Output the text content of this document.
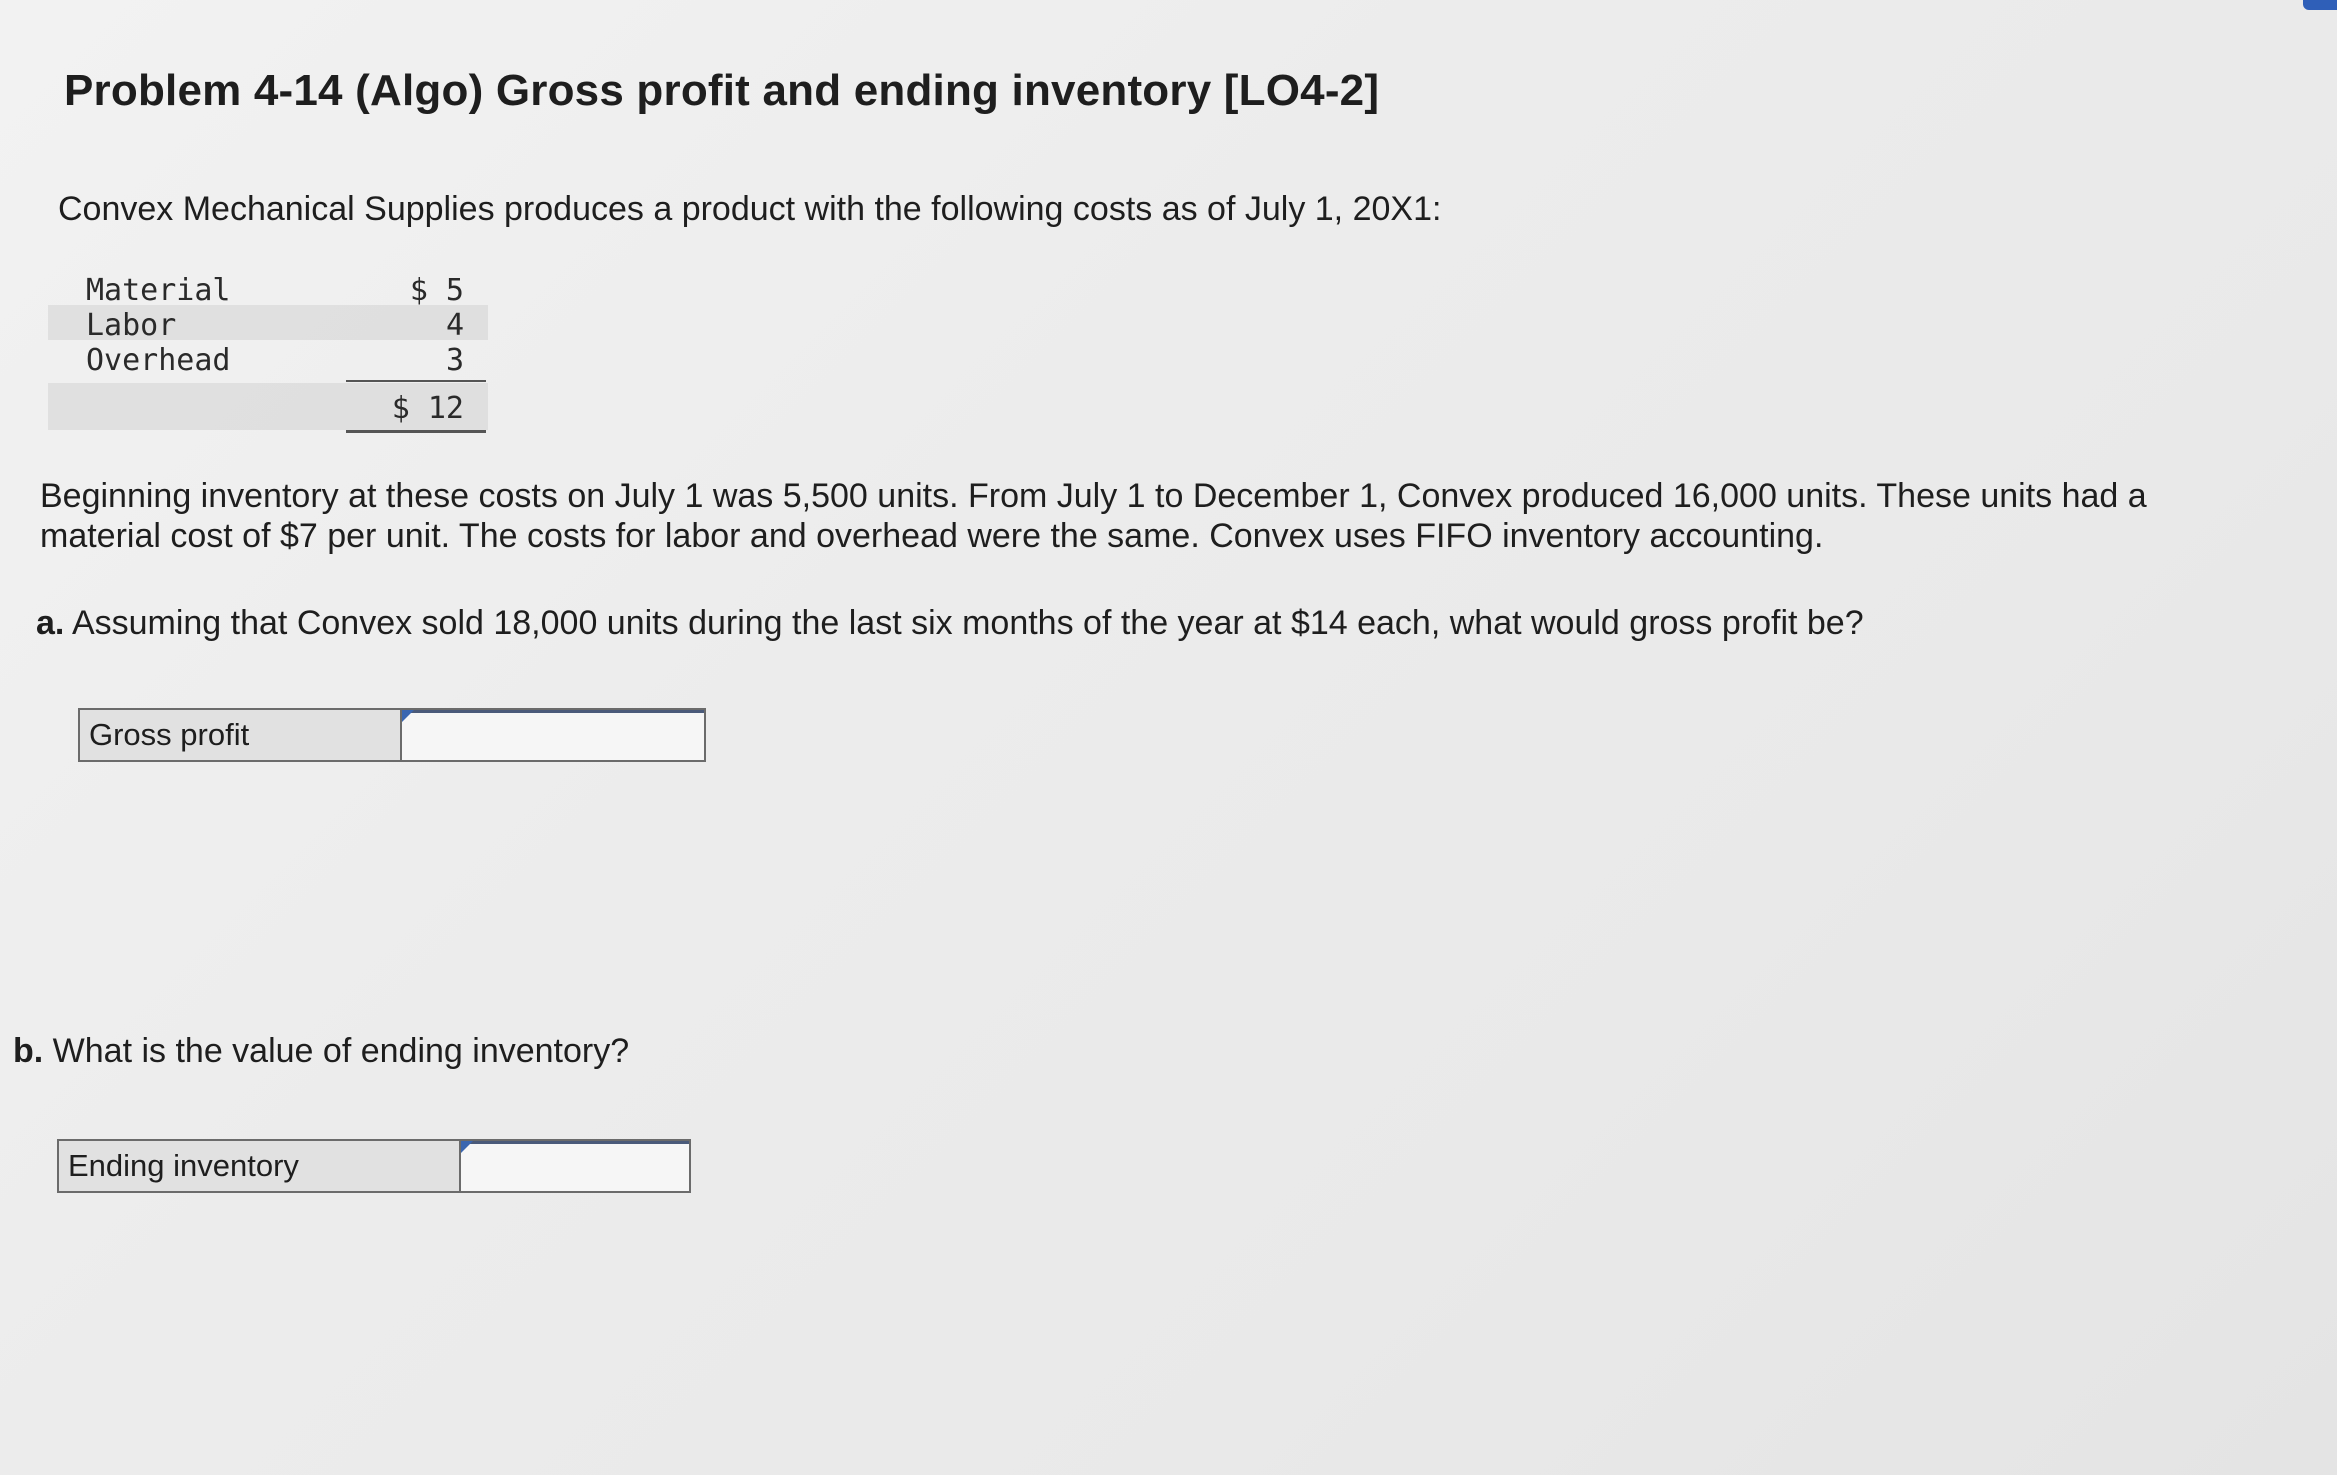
Problem 4-14 (Algo) Gross profit and ending inventory [LO4-2]
Convex Mechanical Supplies produces a product with the following costs as of July 1, 20X1:
Material	$ 5
Labor	4
Overhead	3
$ 12
Beginning inventory at these costs on July 1 was 5,500 units. From July 1 to December 1, Convex produced 16,000 units. These units had a material cost of $7 per unit. The costs for labor and overhead were the same. Convex uses FIFO inventory accounting.
a. Assuming that Convex sold 18,000 units during the last six months of the year at $14 each, what would gross profit be?
Gross profit
b. What is the value of ending inventory?
Ending inventory
